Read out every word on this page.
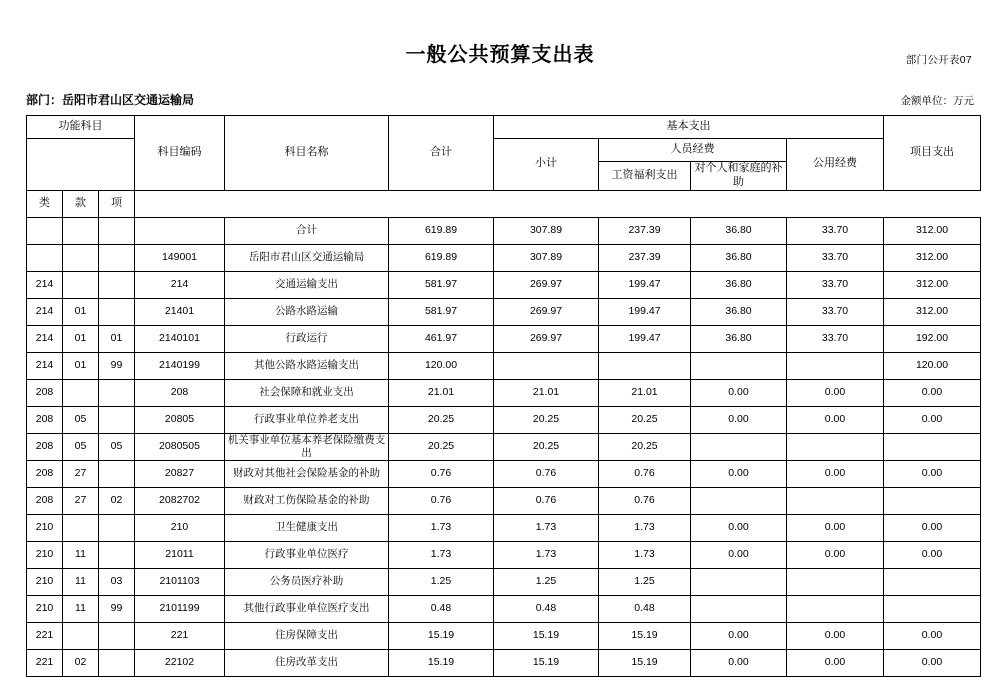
部门公开表07
一般公共预算支出表
部门：岳阳市君山区交通运输局	金额单位：万元
功能科目			科目编码	科目名称	合计	基本支出				项目支出
						小计	人员经费		公用经费	
							工资福利支出	对个人和家庭的补助		
类	款	项								
				合计	619.89	307.89	237.39	36.80	33.70	312.00
			149001	岳阳市君山区交通运输局	619.89	307.89	237.39	36.80	33.70	312.00
214			214	交通运输支出	581.97	269.97	199.47	36.80	33.70	312.00
214	01		21401	公路水路运输	581.97	269.97	199.47	36.80	33.70	312.00
214	01	01	2140101	行政运行	461.97	269.97	199.47	36.80	33.70	192.00
214	01	99	2140199	其他公路水路运输支出	120.00					120.00
208			208	社会保障和就业支出	21.01	21.01	21.01	0.00	0.00	0.00
208	05		20805	行政事业单位养老支出	20.25	20.25	20.25	0.00	0.00	0.00
208	05	05	2080505	机关事业单位基本养老保险缴费支出	20.25	20.25	20.25			
208	27		20827	财政对其他社会保险基金的补助	0.76	0.76	0.76	0.00	0.00	0.00
208	27	02	2082702	财政对工伤保险基金的补助	0.76	0.76	0.76			
210			210	卫生健康支出	1.73	1.73	1.73	0.00	0.00	0.00
210	11		21011	行政事业单位医疗	1.73	1.73	1.73	0.00	0.00	0.00
210	11	03	2101103	公务员医疗补助	1.25	1.25	1.25			
210	11	99	2101199	其他行政事业单位医疗支出	0.48	0.48	0.48			
221			221	住房保障支出	15.19	15.19	15.19	0.00	0.00	0.00
221	02		22102	住房改革支出	15.19	15.19	15.19	0.00	0.00	0.00
